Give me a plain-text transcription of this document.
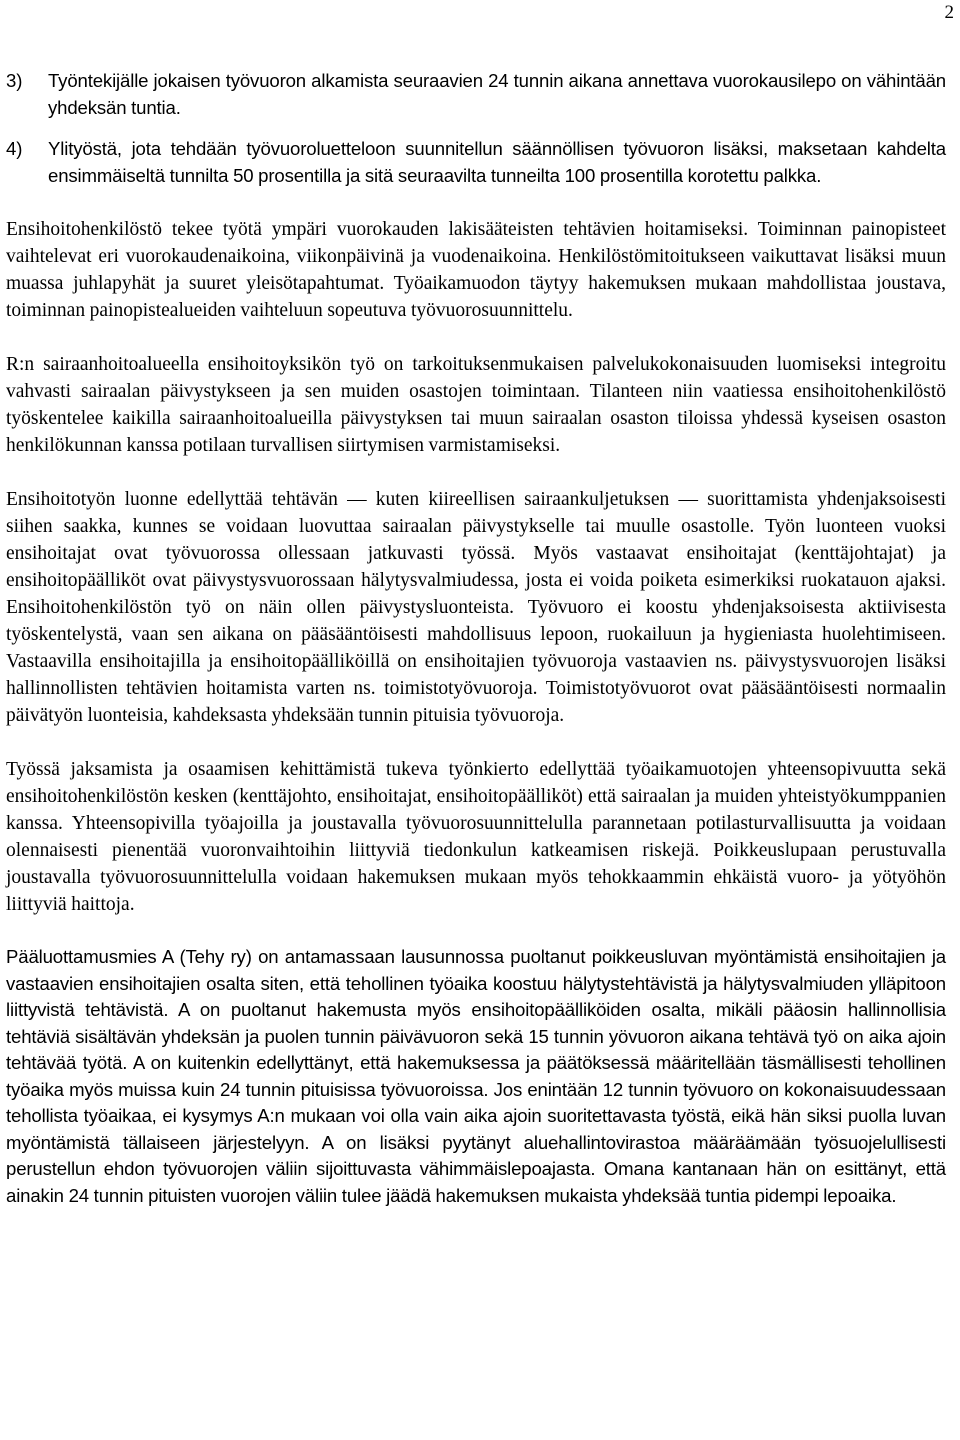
2
3)	Työntekijälle jokaisen työvuoron alkamista seuraavien 24 tunnin aikana annettava vuorokausilepo on vähintään yhdeksän tuntia.
4)	Ylityöstä, jota tehdään työvuoroluetteloon suunnitellun säännöllisen työvuoron lisäksi, maksetaan kahdelta ensimmäiseltä tunnilta 50 prosentilla ja sitä seuraavilta tunneilta 100 prosentilla korotettu palkka.

Ensihoitohenkilöstö tekee työtä ympäri vuorokauden lakisääteisten tehtävien hoitamiseksi. Toiminnan painopisteet vaihtelevat eri vuorokaudenaikoina, viikonpäivinä ja vuodenaikoina. Henkilöstömitoitukseen vaikuttavat lisäksi muun muassa juhlapyhät ja suuret yleisötapahtumat. Työaikamuodon täytyy hakemuksen mukaan mahdollistaa joustava, toiminnan painopistealueiden vaihteluun sopeutuva työvuorosuunnittelu.

R:n sairaanhoitoalueella ensihoitoyksikön työ on tarkoituksenmukaisen palvelukokonaisuuden luomiseksi integroitu vahvasti sairaalan päivystykseen ja sen muiden osastojen toimintaan. Tilanteen niin vaatiessa ensihoitohenkilöstö työskentelee kaikilla sairaanhoitoalueilla päivystyksen tai muun sairaalan osaston tiloissa yhdessä kyseisen osaston henkilökunnan kanssa potilaan turvallisen siirtymisen varmistamiseksi.

Ensihoitotyön luonne edellyttää tehtävän — kuten kiireellisen sairaankuljetuksen — suorittamista yhdenjaksoisesti siihen saakka, kunnes se voidaan luovuttaa sairaalan päivystykselle tai muulle osastolle. Työn luonteen vuoksi ensihoitajat ovat työvuorossa ollessaan jatkuvasti työssä. Myös vastaavat ensihoitajat (kenttäjohtajat) ja ensihoitopäälliköt ovat päivystysvuorossaan hälytysvalmiudessa, josta ei voida poiketa esimerkiksi ruokatauon ajaksi. Ensihoitohenkilöstön työ on näin ollen päivystysluonteista. Työvuoro ei koostu yhdenjaksoisesta aktiivisesta työskentelystä, vaan sen aikana on pääsääntöisesti mahdollisuus lepoon, ruokailuun ja hygieniasta huolehtimiseen. Vastaavilla ensihoitajilla ja ensihoitopäälliköillä on ensihoitajien työvuoroja vastaavien ns. päivystysvuorojen lisäksi hallinnollisten tehtävien hoitamista varten ns. toimistotyövuoroja. Toimistotyövuorot ovat pääsääntöisesti normaalin päivätyön luonteisia, kahdeksasta yhdeksään tunnin pituisia työvuoroja.

Työssä jaksamista ja osaamisen kehittämistä tukeva työnkierto edellyttää työaikamuotojen yhteensopivuutta sekä ensihoitohenkilöstön kesken (kenttäjohto, ensihoitajat, ensihoitopäälliköt) että sairaalan ja muiden yhteistyökumppanien kanssa. Yhteensopivilla työajoilla ja joustavalla työvuorosuunnittelulla parannetaan potilasturvallisuutta ja voidaan olennaisesti pienentää vuoronvaihtoihin liittyviä tiedonkulun katkeamisen riskejä. Poikkeuslupaan perustuvalla joustavalla työvuorosuunnittelulla voidaan hakemuksen mukaan myös tehokkaammin ehkäistä vuoro- ja yötyöhön liittyviä haittoja.

Pääluottamusmies A (Tehy ry) on antamassaan lausunnossa puoltanut poikkeusluvan myöntämistä ensihoitajien ja vastaavien ensihoitajien osalta siten, että tehollinen työaika koostuu hälytystehtävistä ja hälytysvalmiuden ylläpitoon liittyvistä tehtävistä. A on puoltanut hakemusta myös ensihoitopäälliköiden osalta, mikäli pääosin hallinnollisia tehtäviä sisältävän yhdeksän ja puolen tunnin päivävuoron sekä 15 tunnin yövuoron aikana tehtävä työ on aika ajoin tehtävää työtä. A on kuitenkin edellyttänyt, että hakemuksessa ja päätöksessä määritellään täsmällisesti tehollinen työaika myös muissa kuin 24 tunnin pituisissa työvuoroissa. Jos enintään 12 tunnin työvuoro on kokonaisuudessaan tehollista työaikaa, ei kysymys A:n mukaan voi olla vain aika ajoin suoritettavasta työstä, eikä hän siksi puolla luvan myöntämistä tällaiseen järjestelyyn. A on lisäksi pyytänyt aluehallintovirastoa määräämään työsuojelullisesti perustellun ehdon työvuorojen väliin sijoittuvasta vähimmäislepoajasta. Omana kantanaan hän on esittänyt, että ainakin 24 tunnin pituisten vuorojen väliin tulee jäädä hakemuksen mukaista yhdeksää tuntia pidempi lepoaika.
